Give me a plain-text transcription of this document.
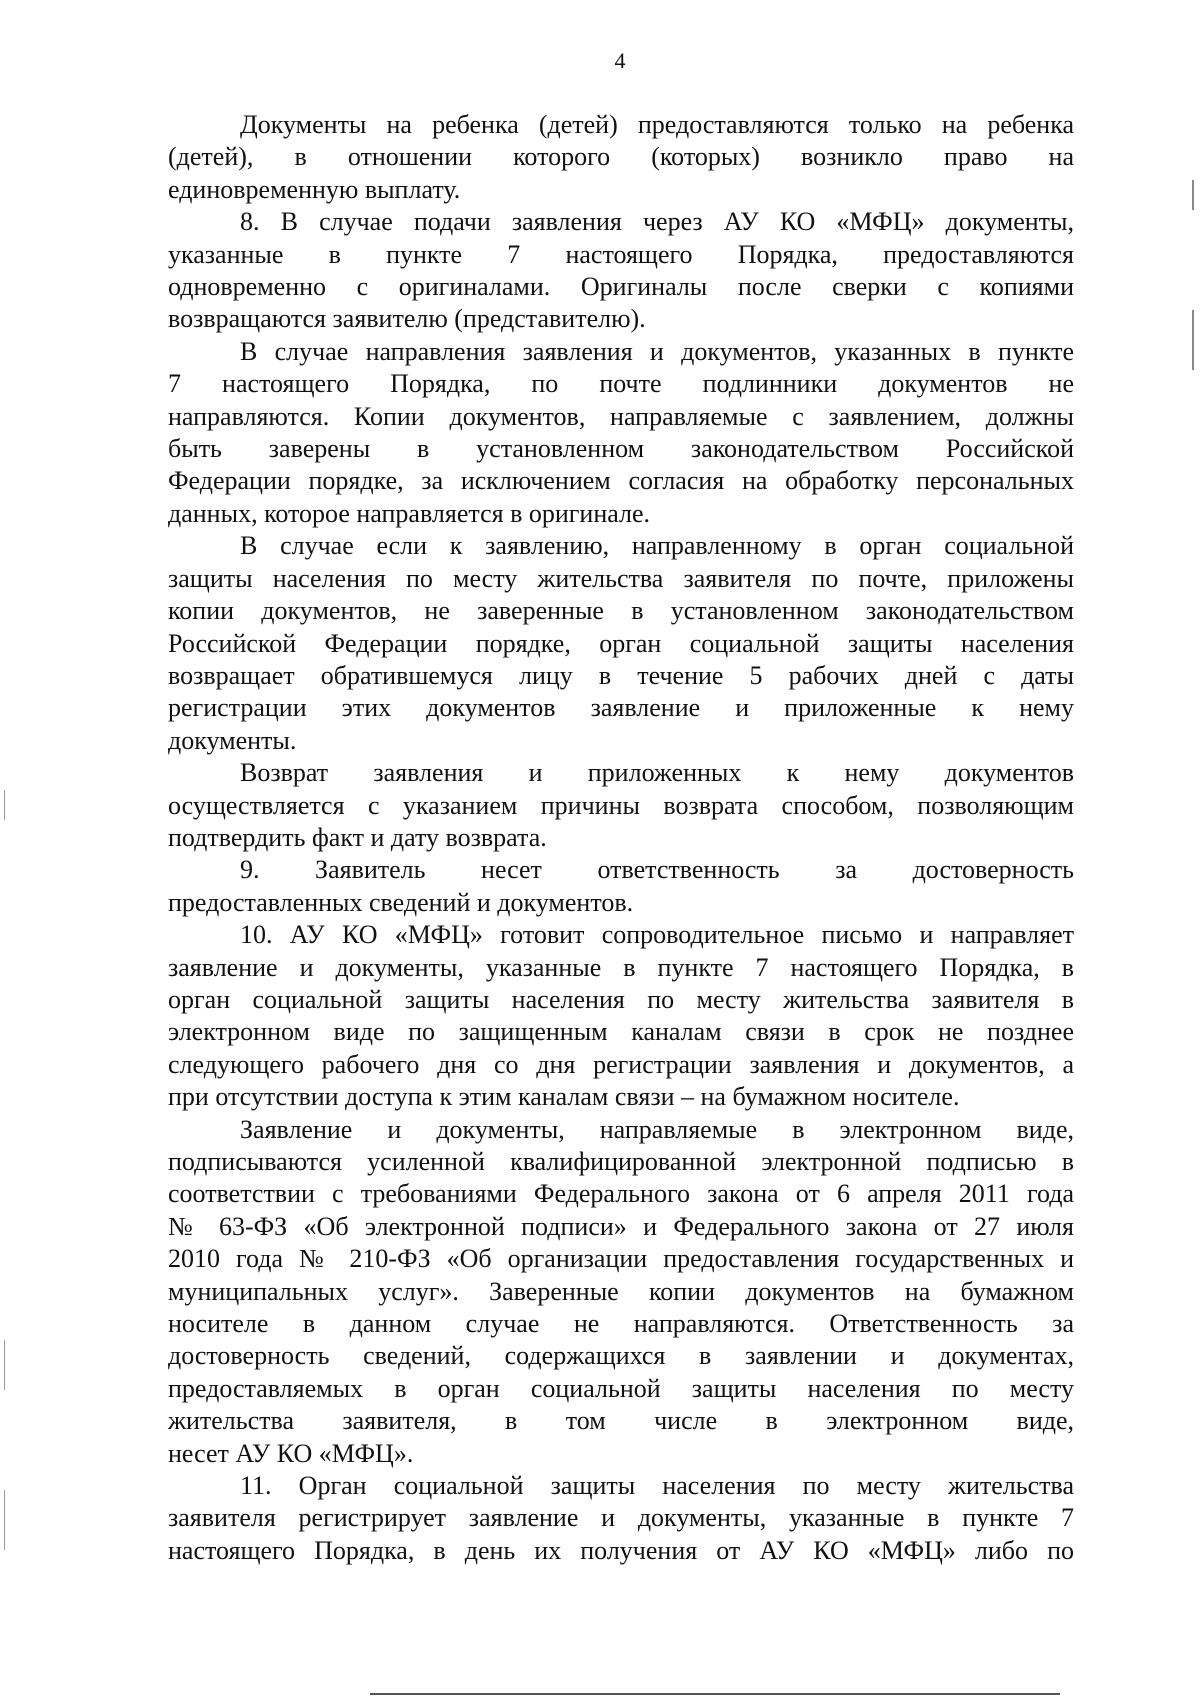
4
Документы на ребенка (детей) предоставляются только на ребенка
(детей), в отношении которого (которых) возникло право на
единовременную выплату.
8. В случае подачи заявления через АУ КО «МФЦ» документы,
указанные в пункте 7 настоящего Порядка, предоставляются
одновременно с оригиналами. Оригиналы после сверки с копиями
возвращаются заявителю (представителю).
В случае направления заявления и документов, указанных в пункте
7 настоящего Порядка, по почте подлинники документов не
направляются. Копии документов, направляемые с заявлением, должны
быть заверены в установленном законодательством Российской
Федерации порядке, за исключением согласия на обработку персональных
данных, которое направляется в оригинале.
В случае если к заявлению, направленному в орган социальной
защиты населения по месту жительства заявителя по почте, приложены
копии документов, не заверенные в установленном законодательством
Российской Федерации порядке, орган социальной защиты населения
возвращает обратившемуся лицу в течение 5 рабочих дней с даты
регистрации этих документов заявление и приложенные к нему
документы.
Возврат заявления и приложенных к нему документов
осуществляется с указанием причины возврата способом, позволяющим
подтвердить факт и дату возврата.
9. Заявитель несет ответственность за достоверность
предоставленных сведений и документов.
10. АУ КО «МФЦ» готовит сопроводительное письмо и направляет
заявление и документы, указанные в пункте 7 настоящего Порядка, в
орган социальной защиты населения по месту жительства заявителя в
электронном виде по защищенным каналам связи в срок не позднее
следующего рабочего дня со дня регистрации заявления и документов, а
при отсутствии доступа к этим каналам связи – на бумажном носителе.
Заявление и документы, направляемые в электронном виде,
подписываются усиленной квалифицированной электронной подписью в
соответствии с требованиями Федерального закона от 6 апреля 2011 года
№ 63-ФЗ «Об электронной подписи» и Федерального закона от 27 июля
2010 года № 210-ФЗ «Об организации предоставления государственных и
муниципальных услуг». Заверенные копии документов на бумажном
носителе в данном случае не направляются. Ответственность за
достоверность сведений, содержащихся в заявлении и документах,
предоставляемых в орган социальной защиты населения по месту
жительства заявителя, в том числе в электронном виде,
несет АУ КО «МФЦ».
11. Орган социальной защиты населения по месту жительства
заявителя регистрирует заявление и документы, указанные в пункте 7
настоящего Порядка, в день их получения от АУ КО «МФЦ» либо по
